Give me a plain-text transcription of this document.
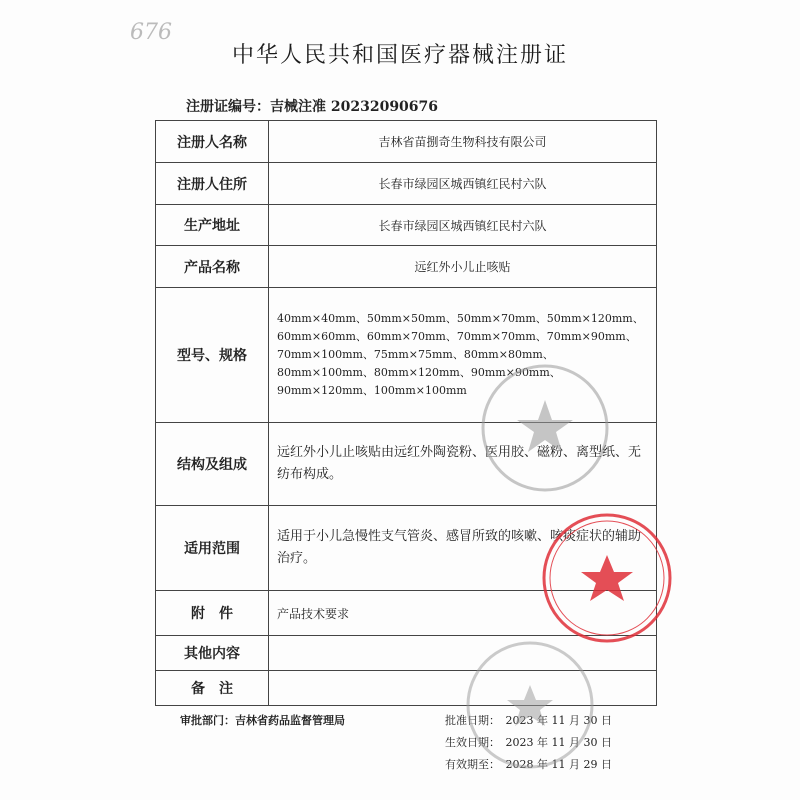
676
中华人民共和国医疗器械注册证
注册证编号：吉械注准 20232090676
注册人名称	吉林省苗捌奇生物科技有限公司
注册人住所	长春市绿园区城西镇红民村六队
生产地址	长春市绿园区城西镇红民村六队
产品名称	远红外小儿止咳贴
型号、规格	40mm×40mm、50mm×50mm、50mm×70mm、50mm×120mm、60mm×60mm、60mm×70mm、70mm×70mm、70mm×90mm、70mm×100mm、75mm×75mm、80mm×80mm、80mm×100mm、80mm×120mm、90mm×90mm、90mm×120mm、100mm×100mm
结构及组成	远红外小儿止咳贴由远红外陶瓷粉、医用胶、磁粉、离型纸、无纺布构成。
适用范围	适用于小儿急慢性支气管炎、感冒所致的咳嗽、咳痰症状的辅助治疗。
附　件	产品技术要求
其他内容	
备　注	
审批部门：吉林省药品监督管理局	批准日期：　2023 年 11 月 30 日
生效日期：　2023 年 11 月 30 日
有效期至：　2028 年 11 月 29 日
